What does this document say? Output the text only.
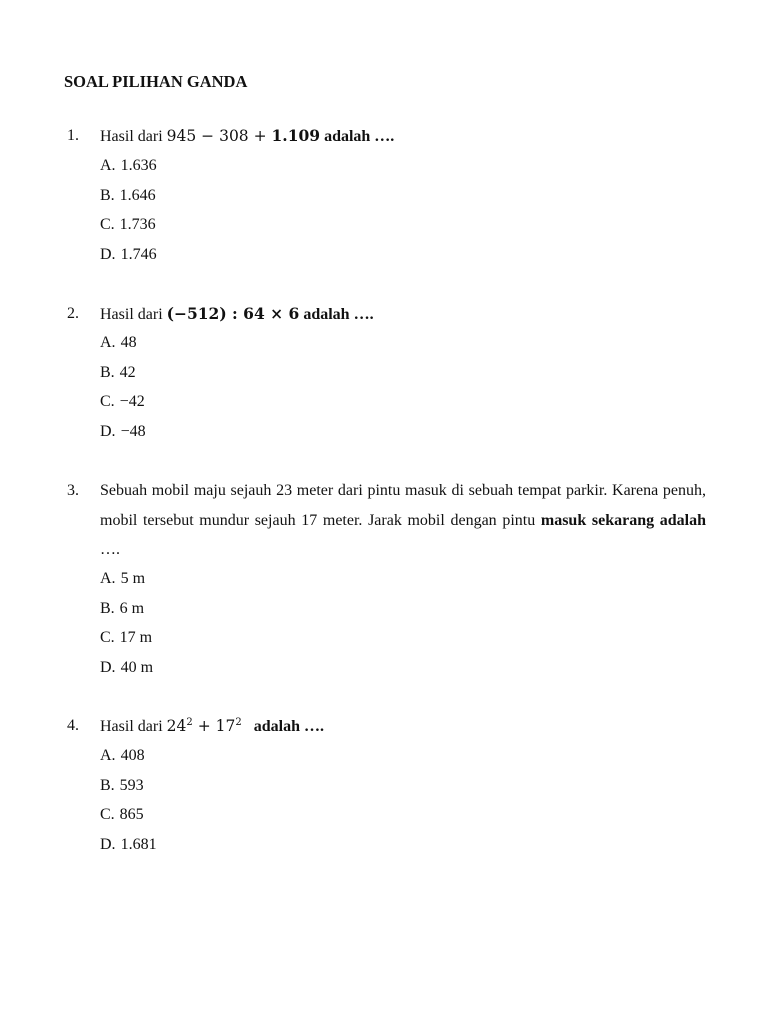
SOAL PILIHAN GANDA
1. Hasil dari 945 − 308 + 1.109 adalah ….
A. 1.636
B. 1.646
C. 1.736
D. 1.746
2. Hasil dari (−512) : 64 × 6 adalah ….
A. 48
B. 42
C. −42
D. −48
3. Sebuah mobil maju sejauh 23 meter dari pintu masuk di sebuah tempat parkir. Karena penuh, mobil tersebut mundur sejauh 17 meter. Jarak mobil dengan pintu masuk sekarang adalah ….
A. 5 m
B. 6 m
C. 17 m
D. 40 m
4. Hasil dari $24^2 + 17^2$   adalah ….
A. 408
B. 593
C. 865
D. 1.681
